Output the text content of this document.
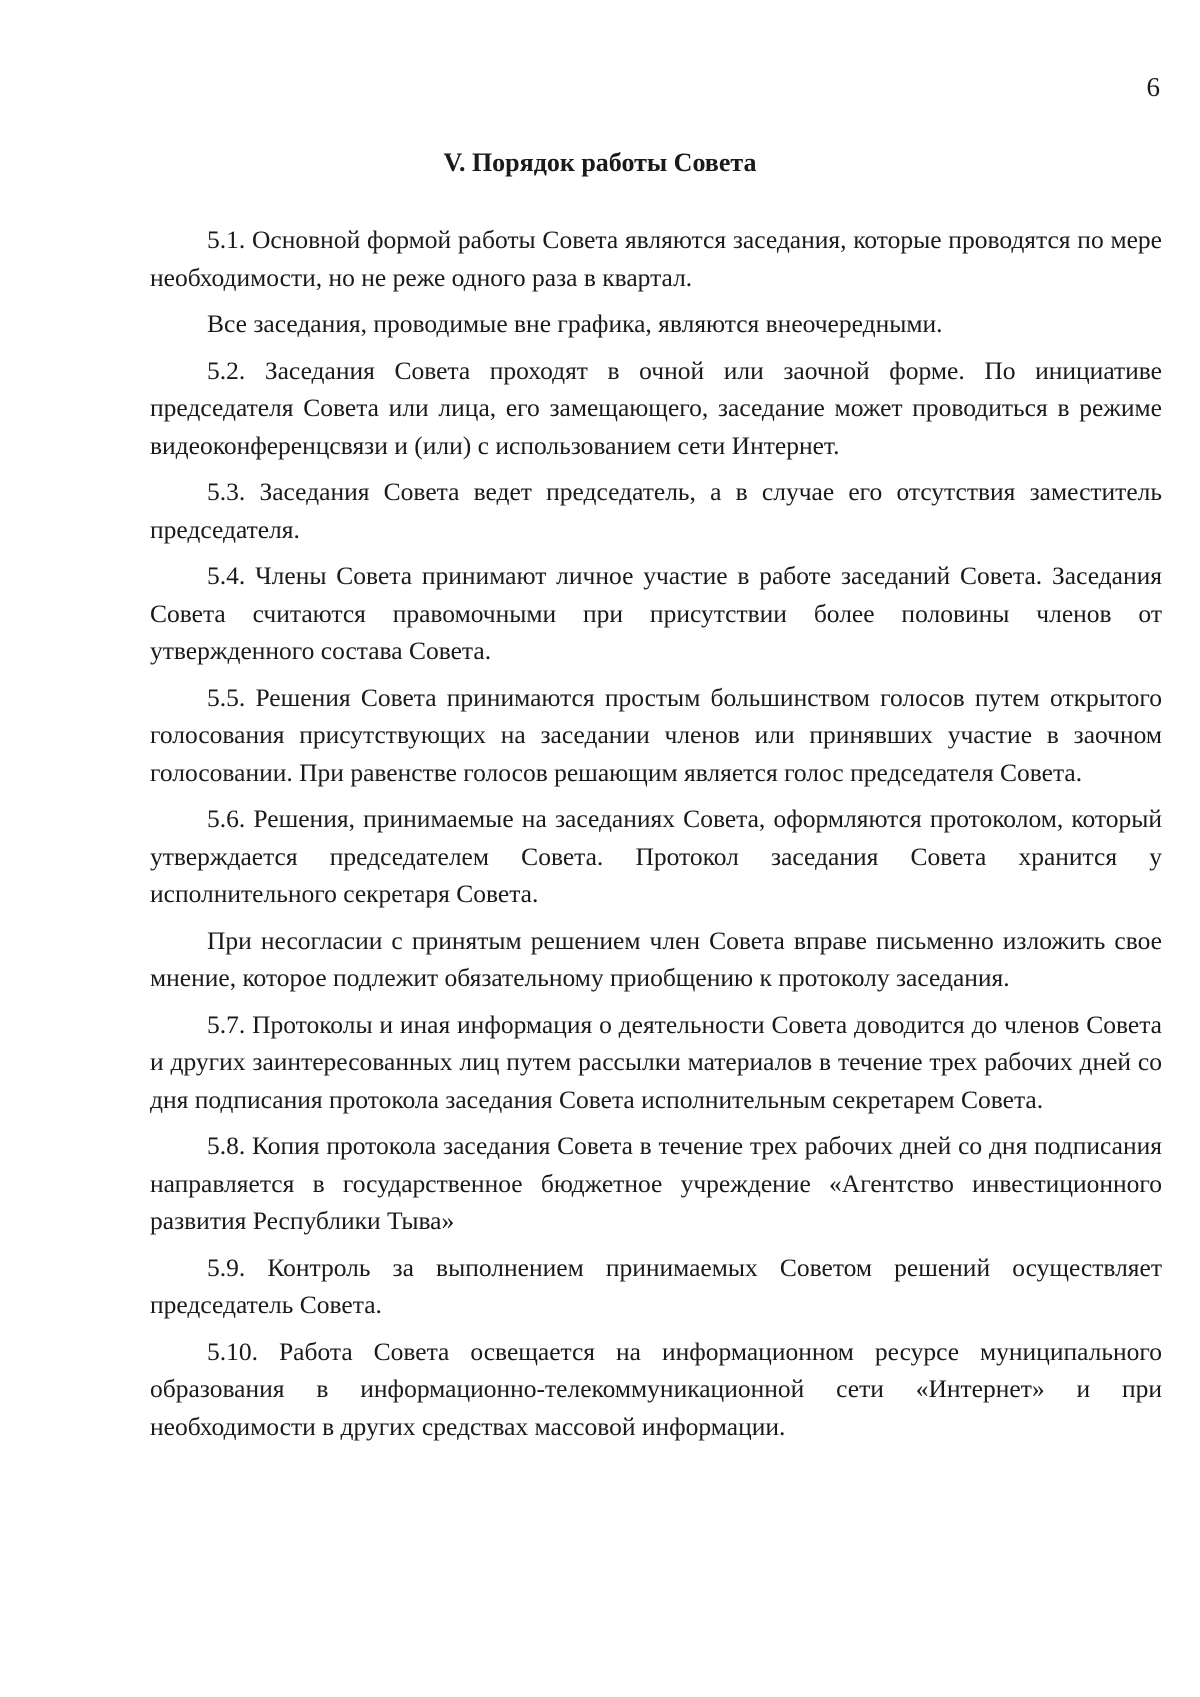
6
V. Порядок работы Совета

5.1. Основной формой работы Совета являются заседания, которые проводятся по мере необходимости, но не реже одного раза в квартал.

Все заседания, проводимые вне графика, являются внеочередными.

5.2. Заседания Совета проходят в очной или заочной форме. По инициативе председателя Совета или лица, его замещающего, заседание может проводиться в режиме видеоконференцсвязи и (или) с использованием сети Интернет.

5.3. Заседания Совета ведет председатель, а в случае его отсутствия заместитель председателя.

5.4. Члены Совета принимают личное участие в работе заседаний Совета. Заседания Совета считаются правомочными при присутствии более половины членов от утвержденного состава Совета.

5.5. Решения Совета принимаются простым большинством голосов путем открытого голосования присутствующих на заседании членов или принявших участие в заочном голосовании. При равенстве голосов решающим является голос председателя Совета.

5.6. Решения, принимаемые на заседаниях Совета, оформляются протоколом, который утверждается председателем Совета. Протокол заседания Совета хранится у исполнительного секретаря Совета.

При несогласии с принятым решением член Совета вправе письменно изложить свое мнение, которое подлежит обязательному приобщению к протоколу заседания.

5.7. Протоколы и иная информация о деятельности Совета доводится до членов Совета и других заинтересованных лиц путем рассылки материалов в течение трех рабочих дней со дня подписания протокола заседания Совета исполнительным секретарем Совета.

5.8. Копия протокола заседания Совета в течение трех рабочих дней со дня подписания направляется в государственное бюджетное учреждение «Агентство инвестиционного развития Республики Тыва»

5.9. Контроль за выполнением принимаемых Советом решений осуществляет председатель Совета.

5.10. Работа Совета освещается на информационном ресурсе муниципального образования в информационно-телекоммуникационной сети «Интернет» и при необходимости в других средствах массовой информации.
